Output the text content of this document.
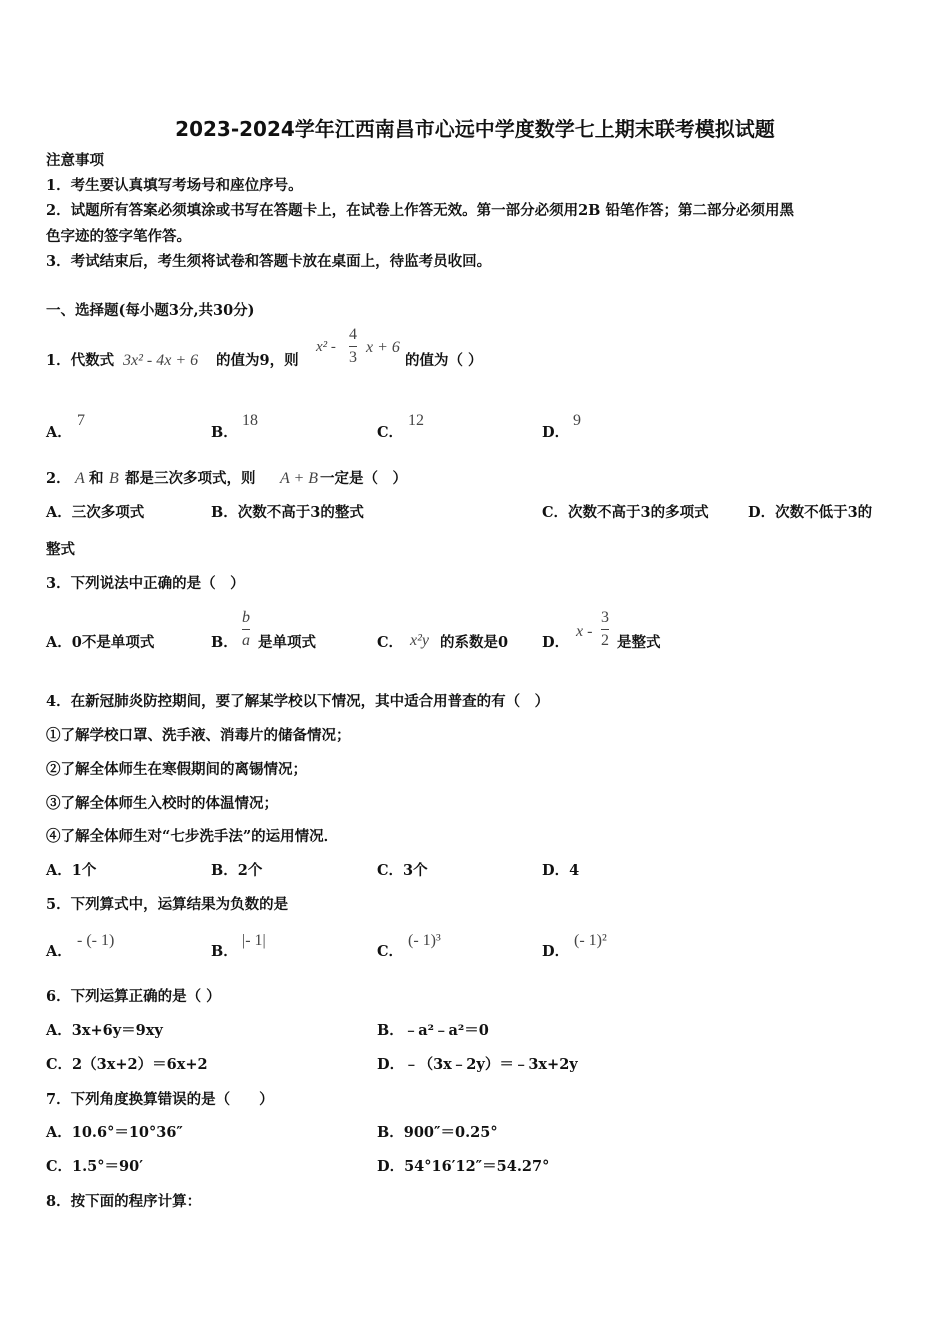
2023-2024学年江西南昌市心远中学度数学七上期末联考模拟试题
注意事项
1．考生要认真填写考场号和座位序号。
2．试题所有答案必须填涂或书写在答题卡上，在试卷上作答无效。第一部分必须用2B 铅笔作答；第二部分必须用黑
色字迹的签字笔作答。
3．考试结束后，考生须将试卷和答题卡放在桌面上，待监考员收回。
一、选择题(每小题3分,共30分)
1．代数式 3x² - 4x + 6 的值为9，则
x² -
4
3
x + 6
的值为（ ）
A．
7
B．
18
C．
12
D．
9
2． A 和 B 都是三次多项式，则 A + B 一定是（　）
A．三次多项式	B．次数不高于3的整式	C．次数不高于3的多项式	D．次数不低于3的
整式
3．下列说法中正确的是（　）
A．0不是单项式	B．
b
a 是单项式	C． x²y 的系数是0 D．
x -
3
2 是整式
4．在新冠肺炎防控期间，要了解某学校以下情况，其中适合用普查的有（　）
①了解学校口罩、洗手液、消毒片的储备情况；
②了解全体师生在寒假期间的离锡情况；
③了解全体师生入校时的体温情况；
④了解全体师生对“七步洗手法”的运用情况．
A．1个	B．2个	C．3个	D．4
5．下列算式中，运算结果为负数的是
A．
- (- 1)
B．
|- 1|
C．
(- 1)³
D．
(- 1)²
6．下列运算正确的是（ ）
A．3x+6y＝9xy	B．﹣a²﹣a²＝0
C．2（3x+2）＝6x+2	D．﹣（3x﹣2y）＝﹣3x+2y
7．下列角度换算错误的是（　　）
A．10.6°＝10°36″	B．900″＝0.25°
C．1.5°＝90′	D．54°16′12″＝54.27°
8．按下面的程序计算：
